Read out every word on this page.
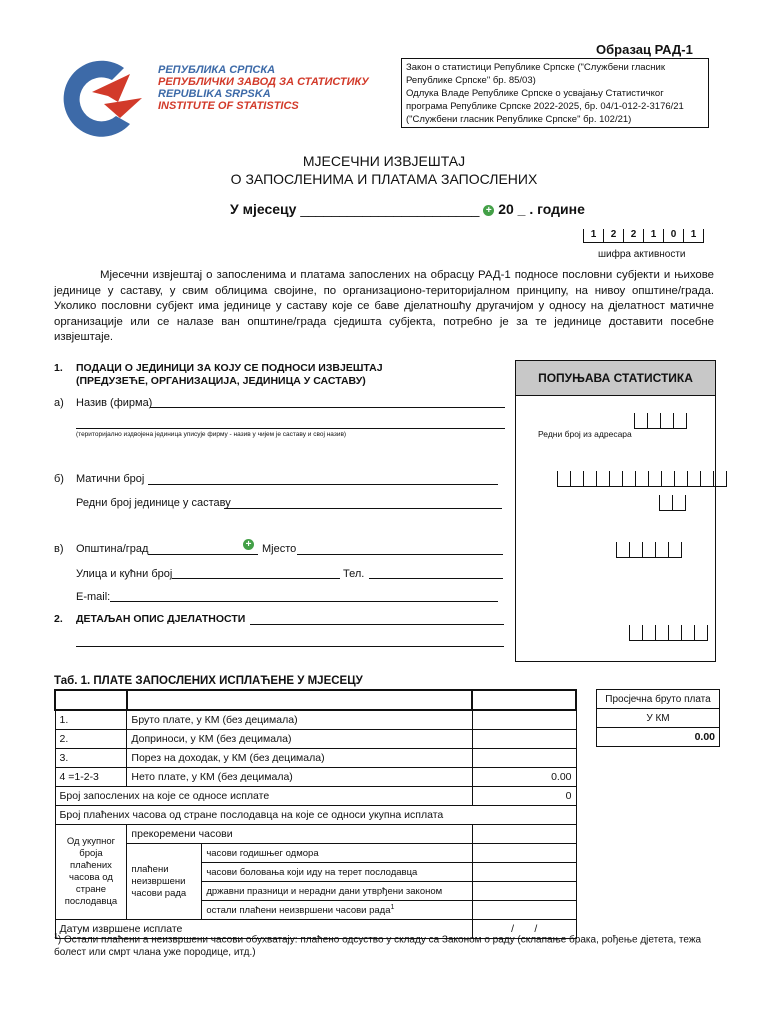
Образац РАД-1
РЕПУБЛИКА СРПСКА
РЕПУБЛИЧКИ ЗАВОД ЗА СТАТИСТИКУ
REPUBLIKA SRPSKA
INSTITUTE OF STATISTICS
Закон о статистици Републике Српске ("Службени гласник
Републике Српске" бр. 85/03)
Одлука Владе Републике Српске о усвајању Статистичког
програма Републике Српске 2022-2025, бр. 04/1-012-2-3176/21
("Службени гласник Републике Српске" бр. 102/21)
МЈЕСЕЧНИ ИЗВЈЕШТАЈ
О ЗАПОСЛЕНИМА И ПЛАТАМА ЗАПОСЛЕНИХ
У мјесецу _______________________ + 20 _ . године
1	2	2	1	0	1
шифра активности
Мјесечни извјештај о запосленима и платама запослених на обрасцу РАД-1 подносе пословни субјекти и њихове јединице у саставу, у свим облицима својине, по организационо-територијалном принципу, на нивоу општине/града. Уколико пословни субјект има јединице у саставу које се баве дјелатношћу другачијом у односу на дјелатност матичне организације или се налазе ван општине/града сједишта субјекта, потребно је за те јединице доставити посебне извјештаје.
1. ПОДАЦИ О ЈЕДИНИЦИ ЗА КОЈУ СЕ ПОДНОСИ ИЗВЈЕШТАЈ
(ПРЕДУЗЕЋЕ, ОРГАНИЗАЦИЈА, ЈЕДИНИЦА У САСТАВУ)
а) Назив (фирма)
(територијално издвојена јединица уписује фирму - назив у чијем је саставу и свој назив)
б) Матични број
Редни број јединице у саставу
в) Општина/град	+ Мјесто
Улица и кућни број	Тел.
E-mail:
2. ДЕТАЉАН ОПИС ДЈЕЛАТНОСТИ
ПОПУЊАВА СТАТИСТИКА
Редни број из адресара
Таб. 1. ПЛАТЕ ЗАПОСЛЕНИХ ИСПЛАЋЕНЕ У МЈЕСЕЦУ

1.	Бруто плате, у КМ (без децимала)		
2.	Доприноси, у КМ (без децимала)		
3.	Порез на доходак, у КМ (без децимала)		
4 =1-2-3	Нето плате, у КМ (без децимала)		0.00
Број запослених на које се односе исплате			0
Број плаћених часова од стране послодавца на које се односи укупна исплата			
Од укупног броја плаћених часова од стране послодавца	прекоремени часови		
	плаћени неизвршени часови рада	часови годишњег одмора	
		часови боловања који иду на терет послодавца	
		државни празници и нерадни дани утврђени законом	
		остали плаћени неизвршени часови рада$^1$	
Датум извршене исплате			/       /
Просјечна бруто плата
У КМ
0.00
$^1$) Остали плаћени а неизвршени часови обухватају: плаћено одсуство у складу са Законом о раду (склапање брака, рођење дјетета, тежа болест или смрт члана уже породице, итд.)
